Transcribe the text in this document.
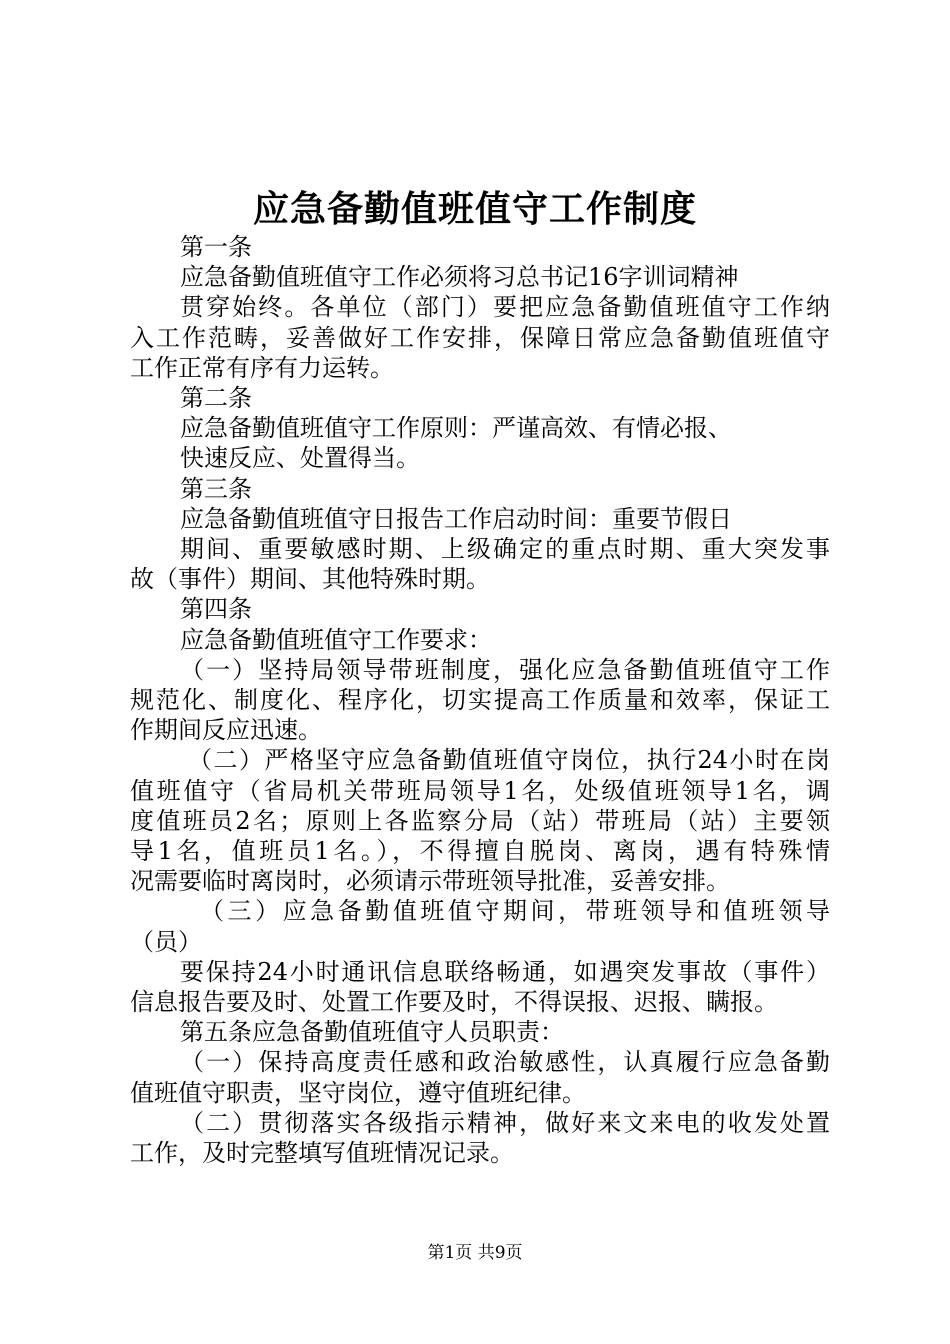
应急备勤值班值守工作制度
第一条
应急备勤值班值守工作必须将习总书记16字训词精神
贯穿始终。各单位（部门）要把应急备勤值班值守工作纳
入工作范畴，妥善做好工作安排，保障日常应急备勤值班值守
工作正常有序有力运转。
第二条
应急备勤值班值守工作原则：严谨高效、有情必报、
快速反应、处置得当。
第三条
应急备勤值班值守日报告工作启动时间：重要节假日
期间、重要敏感时期、上级确定的重点时期、重大突发事
故（事件）期间、其他特殊时期。
第四条
应急备勤值班值守工作要求：
（一）坚持局领导带班制度，强化应急备勤值班值守工作
规范化、制度化、程序化，切实提高工作质量和效率，保证工
作期间反应迅速。
（二）严格坚守应急备勤值班值守岗位，执行24小时在岗
值班值守（省局机关带班局领导1名，处级值班领导1名，调
度值班员2名；原则上各监察分局（站）带班局（站）主要领
导1名，值班员1名。），不得擅自脱岗、离岗，遇有特殊情
况需要临时离岗时，必须请示带班领导批准，妥善安排。
（三）应急备勤值班值守期间，带班领导和值班领导
（员）
要保持24小时通讯信息联络畅通，如遇突发事故（事件）
信息报告要及时、处置工作要及时，不得误报、迟报、瞒报。
第五条应急备勤值班值守人员职责：
（一）保持高度责任感和政治敏感性，认真履行应急备勤
值班值守职责，坚守岗位，遵守值班纪律。
（二）贯彻落实各级指示精神，做好来文来电的收发处置
工作，及时完整填写值班情况记录。
第1页 共9页
